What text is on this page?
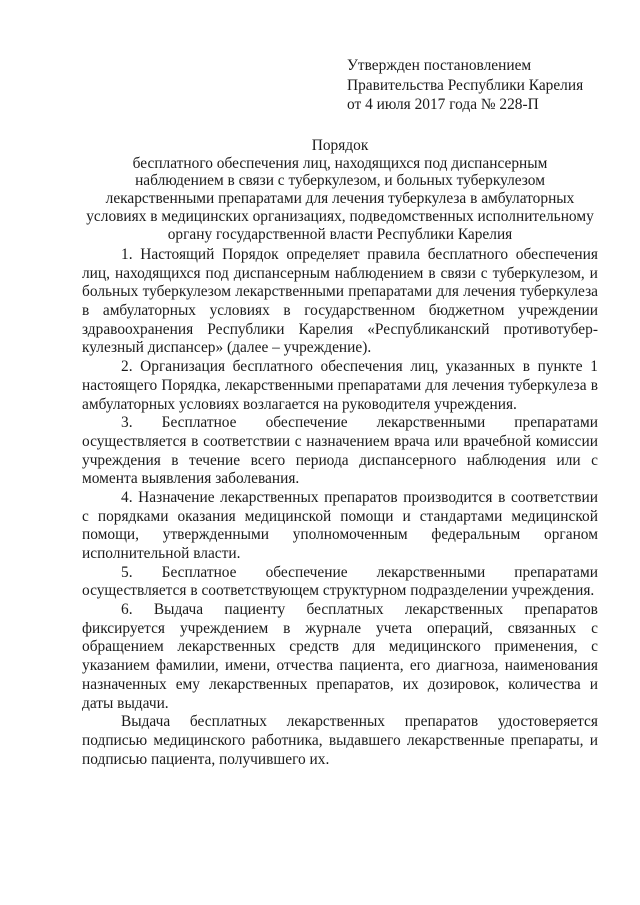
Утвержден постановлением
Правительства Республики Карелия
от 4 июля 2017 года № 228-П
Порядок
бесплатного обеспечения лиц, находящихся под диспансерным
наблюдением в связи с туберкулезом, и больных туберкулезом
лекарственными препаратами для лечения туберкулеза в амбулаторных
условиях в медицинских организациях, подведомственных исполнительному
органу государственной власти Республики Карелия
1. Настоящий Порядок определяет правила бесплатного обеспечения
лиц, находящихся под диспансерным наблюдением в связи с туберкулезом, и
больных туберкулезом лекарственными препаратами для лечения туберкулеза
в амбулаторных условиях в государственном бюджетном учреждении
здравоохранения Республики Карелия «Республиканский противотубер-
кулезный диспансер» (далее – учреждение).
2. Организация бесплатного обеспечения лиц, указанных в пункте 1
настоящего Порядка, лекарственными препаратами для лечения туберкулеза в
амбулаторных условиях возлагается на руководителя учреждения.
3. Бесплатное обеспечение лекарственными препаратами
осуществляется в соответствии с назначением врача или врачебной комиссии
учреждения в течение всего периода диспансерного наблюдения или с
момента выявления заболевания.
4. Назначение лекарственных препаратов производится в соответствии
с порядками оказания медицинской помощи и стандартами медицинской
помощи, утвержденными уполномоченным федеральным органом
исполнительной власти.
5. Бесплатное обеспечение лекарственными препаратами
осуществляется в соответствующем структурном подразделении учреждения.
6. Выдача пациенту бесплатных лекарственных препаратов
фиксируется учреждением в журнале учета операций, связанных с
обращением лекарственных средств для медицинского применения, с
указанием фамилии, имени, отчества пациента, его диагноза, наименования
назначенных ему лекарственных препаратов, их дозировок, количества и
даты выдачи.
Выдача бесплатных лекарственных препаратов удостоверяется
подписью медицинского работника, выдавшего лекарственные препараты, и
подписью пациента, получившего их.
